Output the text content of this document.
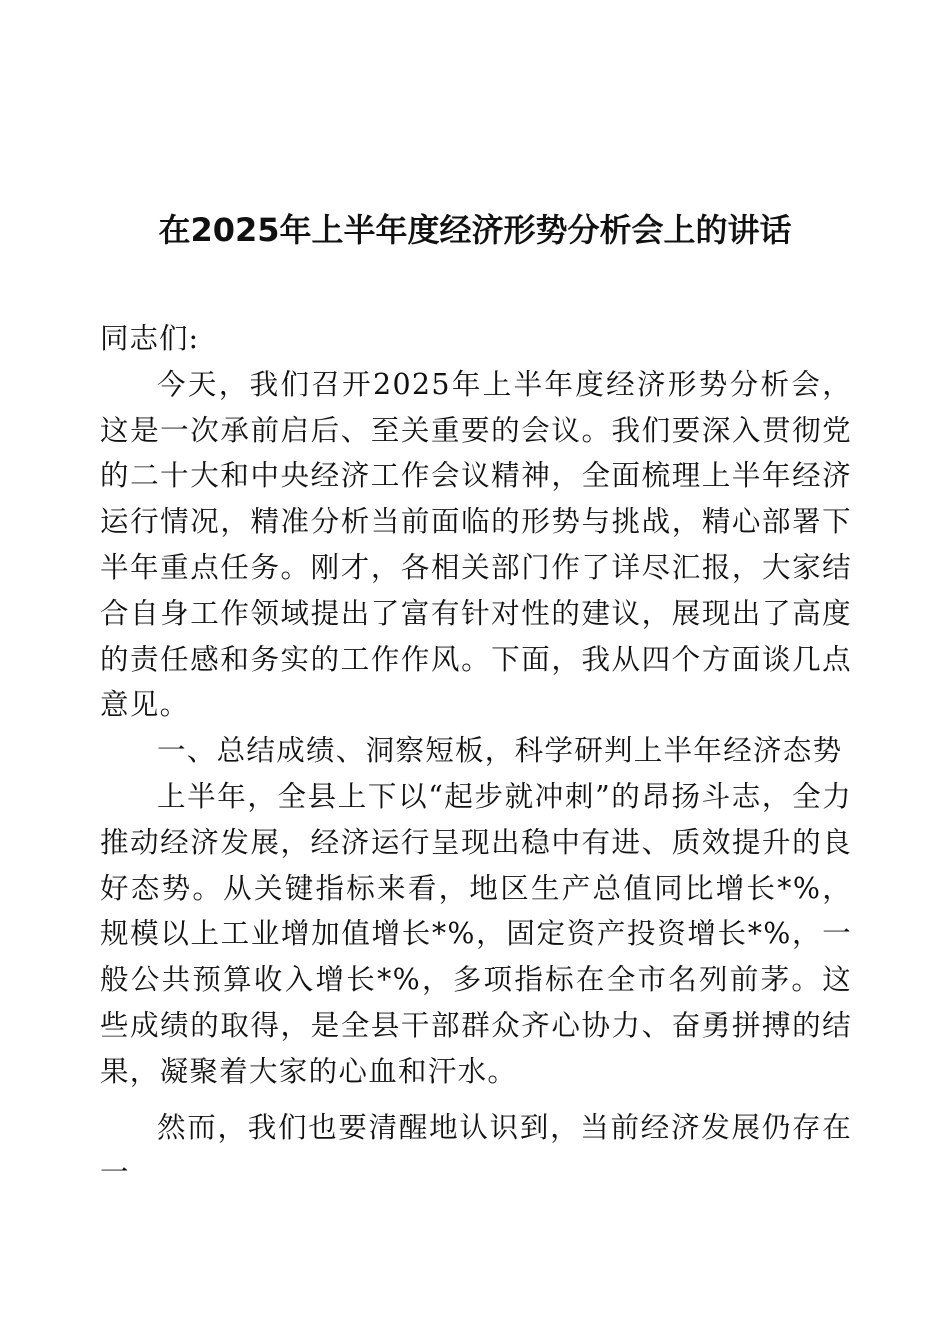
在2025年上半年度经济形势分析会上的讲话

同志们:

今天，我们召开2025年上半年度经济形势分析会，这是一次承前启后、至关重要的会议。我们要深入贯彻党的二十大和中央经济工作会议精神，全面梳理上半年经济运行情况，精准分析当前面临的形势与挑战，精心部署下半年重点任务。刚才，各相关部门作了详尽汇报，大家结合自身工作领域提出了富有针对性的建议，展现出了高度的责任感和务实的工作作风。下面，我从四个方面谈几点意见。

一、总结成绩、洞察短板，科学研判上半年经济态势

上半年，全县上下以“起步就冲刺”的昂扬斗志，全力推动经济发展，经济运行呈现出稳中有进、质效提升的良好态势。从关键指标来看，地区生产总值同比增长*%，规模以上工业增加值增长*%，固定资产投资增长*%，一般公共预算收入增长*%，多项指标在全市名列前茅。这些成绩的取得，是全县干部群众齐心协力、奋勇拼搏的结果，凝聚着大家的心血和汗水。

然而，我们也要清醒地认识到，当前经济发展仍存在一
